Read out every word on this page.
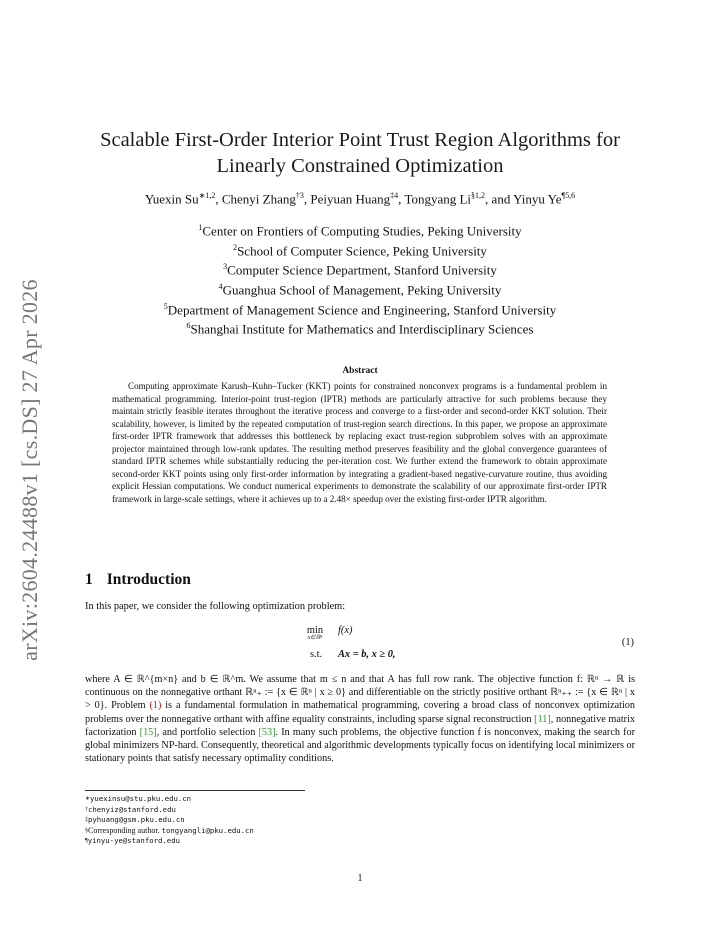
arXiv:2604.24488v1 [cs.DS] 27 Apr 2026
Scalable First-Order Interior Point Trust Region Algorithms for
Linearly Constrained Optimization
Yuexin $Su^{∗1,2}$, Chenyi Zhang$^{\dagger 3}$, Peiyuan Huang$^{\ddagger 4}$, Tongyang Li$^{\S 1,2}$, and Yinyu Ye$^{\P 5,6}$
$^1$Center on Frontiers of Computing Studies, Peking University
$^2$School of Computer Science, Peking University
$^3$Computer Science Department, Stanford University
$^4$Guanghua School of Management, Peking University
$^5$Department of Management Science and Engineering, Stanford University
$^6$Shanghai Institute for Mathematics and Interdisciplinary Sciences
Abstract

Computing approximate Karush–Kuhn–Tucker (KKT) points for constrained nonconvex programs is a fundamental problem in mathematical programming. Interior-point trust-region (IPTR) methods are particularly attractive for such problems because they maintain strictly feasible iterates throughout the iterative process and converge to a first-order and second-order KKT solution. Their scalability, however, is limited by the repeated computation of trust-region search directions. In this paper, we propose an approximate first-order IPTR framework that addresses this bottleneck by replacing exact trust-region subproblem solves with an approximate projector maintained through low-rank updates. The resulting method preserves feasibility and the global convergence guarantees of standard IPTR schemes while substantially reducing the per-iteration cost. We further extend the framework to obtain approximate second-order KKT points using only first-order information by integrating a gradient-based negative-curvature routine, thus avoiding explicit Hessian computations. We conduct numerical experiments to demonstrate the scalability of our approximate first-order IPTR framework in large-scale settings, where it achieves up to a 2.48× speedup over the existing first-order IPTR algorithm.

1 Introduction
In this paper, we consider the following optimization problem:
min
x∈ℝⁿ
f(x)
s.t. Ax = b, x ≥ 0,
(1)

where A ∈ ℝ^{m×n} and b ∈ ℝ^m. We assume that m ≤ n and that A has full row rank. The objective function f: ℝⁿ → ℝ is continuous on the nonnegative orthant ℝⁿ₊ := {x ∈ ℝⁿ | x ≥ 0} and differentiable on the strictly positive orthant ℝⁿ₊₊ := {x ∈ ℝⁿ | x > 0}. Problem (1) is a fundamental formulation in mathematical programming, covering a broad class of nonconvex optimization problems over the nonnegative orthant with affine equality constraints, including sparse signal reconstruction [11], nonnegative matrix factorization [15], and portfolio selection [53]. In many such problems, the objective function f is nonconvex, making the search for global minimizers NP-hard. Consequently, theoretical and algorithmic developments typically focus on identifying local minimizers or stationary points that satisfy necessary optimality conditions.

∗yuexinsu@stu.pku.edu.cn
†chenyiz@stanford.edu
‡pyhuang@gsm.pku.edu.cn
§Corresponding author. tongyangli@pku.edu.cn
¶yinyu-ye@stanford.edu
1
